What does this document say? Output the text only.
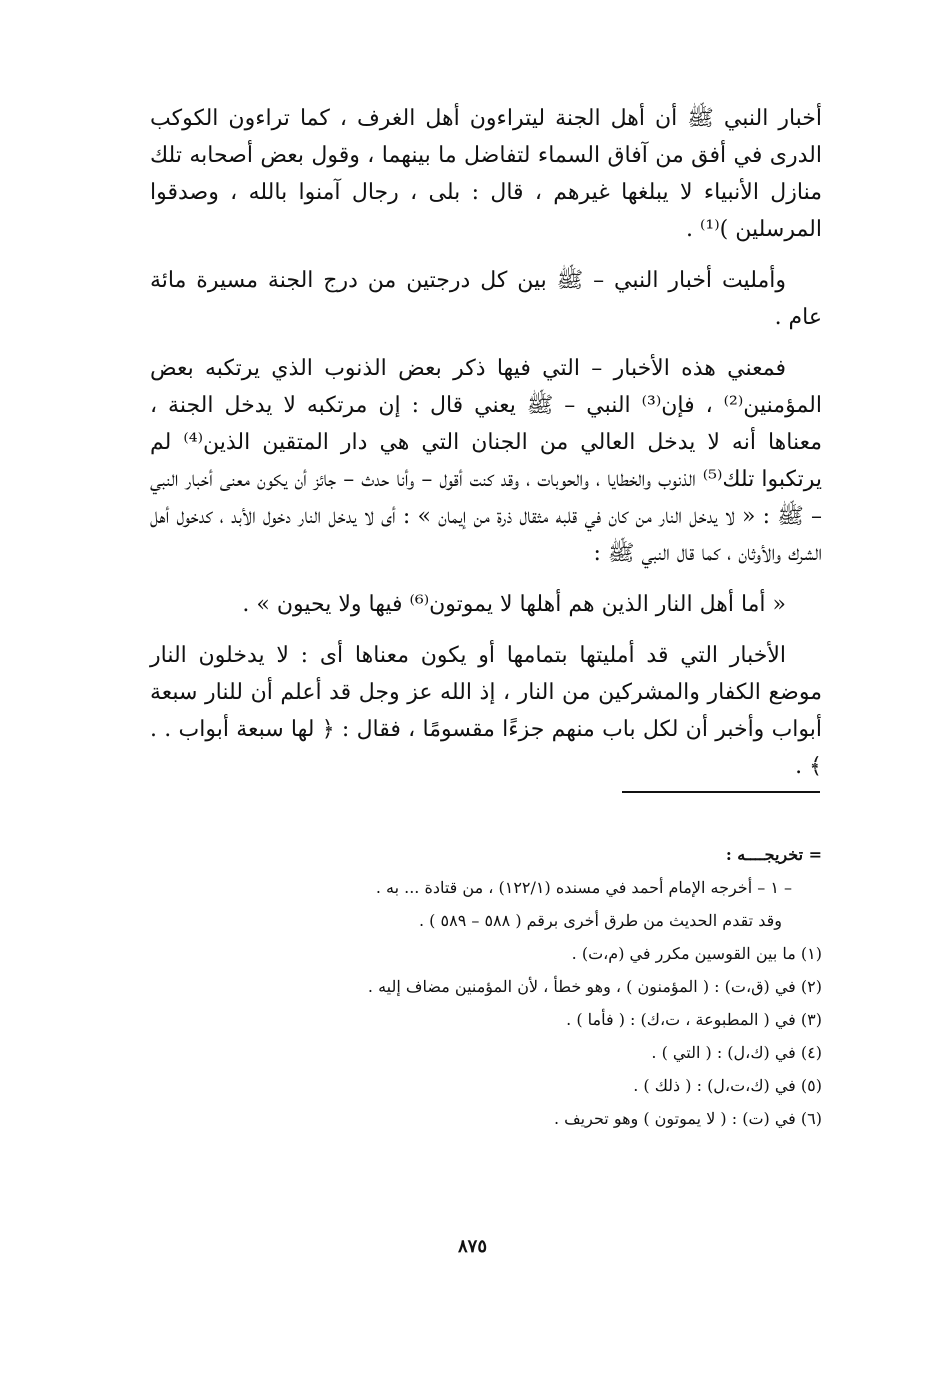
أخبار النبي ﷺ أن أهل الجنة ليتراءون أهل الغرف ، كما تراءون الكوكب الدرى في أفق من آفاق السماء لتفاضل ما بينهما ، وقول بعض أصحابه تلك منازل الأنبياء لا يبلغها غيرهم ، قال : بلى ، رجال آمنوا بالله ، وصدقوا المرسلين )⁽¹⁾ .

وأمليت أخبار النبي – ﷺ بين كل درجتين من درج الجنة مسيرة مائة عام .

فمعني هذه الأخبار – التي فيها ذكر بعض الذنوب الذي يرتكبه بعض المؤمنين⁽²⁾ ، فإن⁽³⁾ النبي – ﷺ يعني قال : إن مرتكبه لا يدخل الجنة ، معناها أنه لا يدخل العالي من الجنان التي هي دار المتقين الذين⁽⁴⁾ لم يرتكبوا تلك⁽⁵⁾ الذنوب والخطايا ، والحوبات ، وقد كنت أقول – وأنا حدث – جائز أن يكون معنى أخبار النبي – ﷺ : « لا يدخل النار من كان في قلبه مثقال ذرة من إيمان » : أى لا يدخل النار دخول الأبد ، كدخول أهل الشرك والأوثان ، كما قال النبي ﷺ :

« أما أهل النار الذين هم أهلها لا يموتون⁽⁶⁾ فيها ولا يحيون » .

الأخبار التي قد أمليتها بتمامها أو يكون معناها أى : لا يدخلون النار موضع الكفار والمشركين من النار ، إذ الله عز وجل قد أعلم أن للنار سبعة أبواب وأخبر أن لكل باب منهم جزءًا مقسومًا ، فقال : ﴿ لها سبعة أبواب . . ﴾ .

= تخريجــــه :

– ١ – أخرجه الإمام أحمد في مسنده (١٢٢/١) ، من قتادة ... به .

وقد تقدم الحديث من طرق أخرى برقم ( ٥٨٨ – ٥٨٩ ) .

(١) ما بين القوسين مكرر في (م،ت) .

(٢) في (ق،ت) : ( المؤمنون ) ، وهو خطأ ، لأن المؤمنين مضاف إليه .

(٣) في ( المطبوعة ، ت،ك) : ( فأما ) .

(٤) في (ك،ل) : ( التي ) .

(٥) في (ك،ت،ل) : ( ذلك ) .

(٦) في (ت) : ( لا يموتون ) وهو تحريف .

٨٧٥
